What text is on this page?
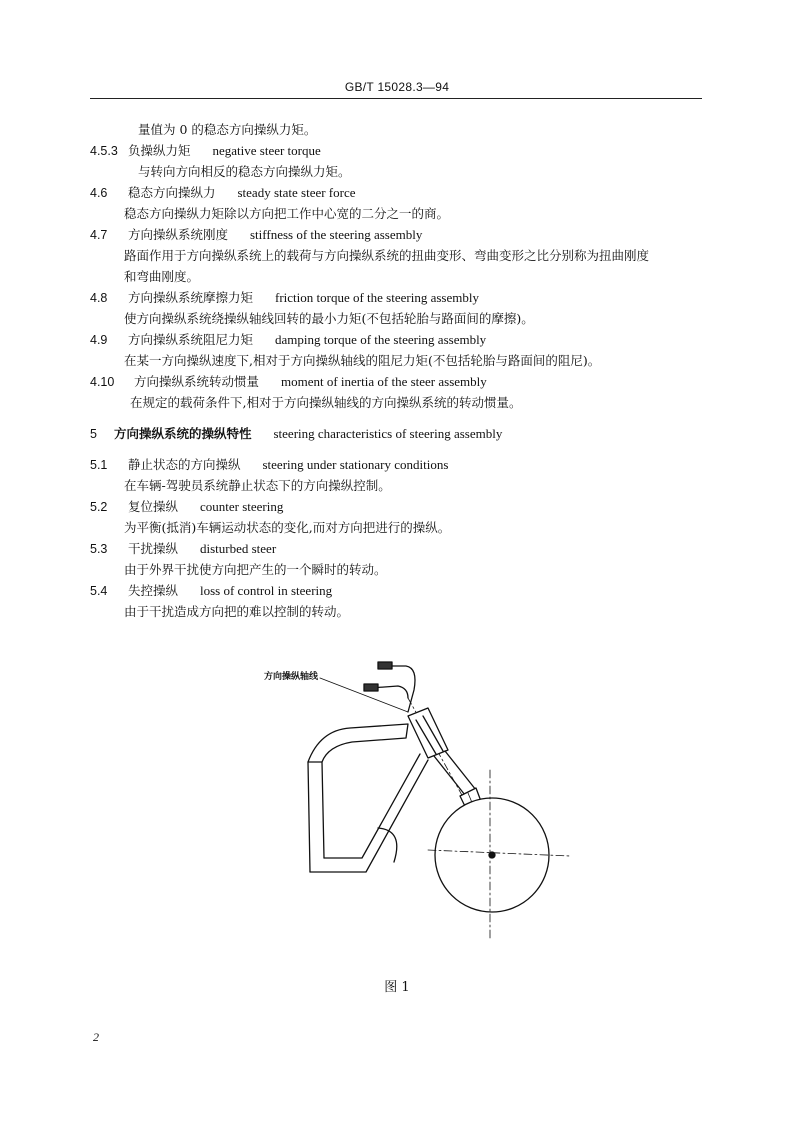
GB/T 15028.3—94
量值为 0 的稳态方向操纵力矩。
4.5.3 负操纵力矩 negative steer torque
与转向方向相反的稳态方向操纵力矩。
4.6 稳态方向操纵力 steady state steer force
稳态方向操纵力矩除以方向把工作中心宽的二分之一的商。
4.7 方向操纵系统刚度 stiffness of the steering assembly
路面作用于方向操纵系统上的载荷与方向操纵系统的扭曲变形、弯曲变形之比分别称为扭曲刚度
和弯曲刚度。
4.8 方向操纵系统摩擦力矩 friction torque of the steering assembly
使方向操纵系统绕操纵轴线回转的最小力矩(不包括轮胎与路面间的摩擦)。
4.9 方向操纵系统阻尼力矩 damping torque of the steering assembly
在某一方向操纵速度下,相对于方向操纵轴线的阻尼力矩(不包括轮胎与路面间的阻尼)。
4.10 方向操纵系统转动惯量 moment of inertia of the steer assembly
在规定的载荷条件下,相对于方向操纵轴线的方向操纵系统的转动惯量。
5 方向操纵系统的操纵特性 steering characteristics of steering assembly
5.1 静止状态的方向操纵 steering under stationary conditions
在车辆-驾驶员系统静止状态下的方向操纵控制。
5.2 复位操纵 counter steering
为平衡(抵消)车辆运动状态的变化,而对方向把进行的操纵。
5.3 干扰操纵 disturbed steer
由于外界干扰使方向把产生的一个瞬时的转动。
5.4 失控操纵 loss of control in steering
由于干扰造成方向把的难以控制的转动。
方向操纵轴线
图 1
2
